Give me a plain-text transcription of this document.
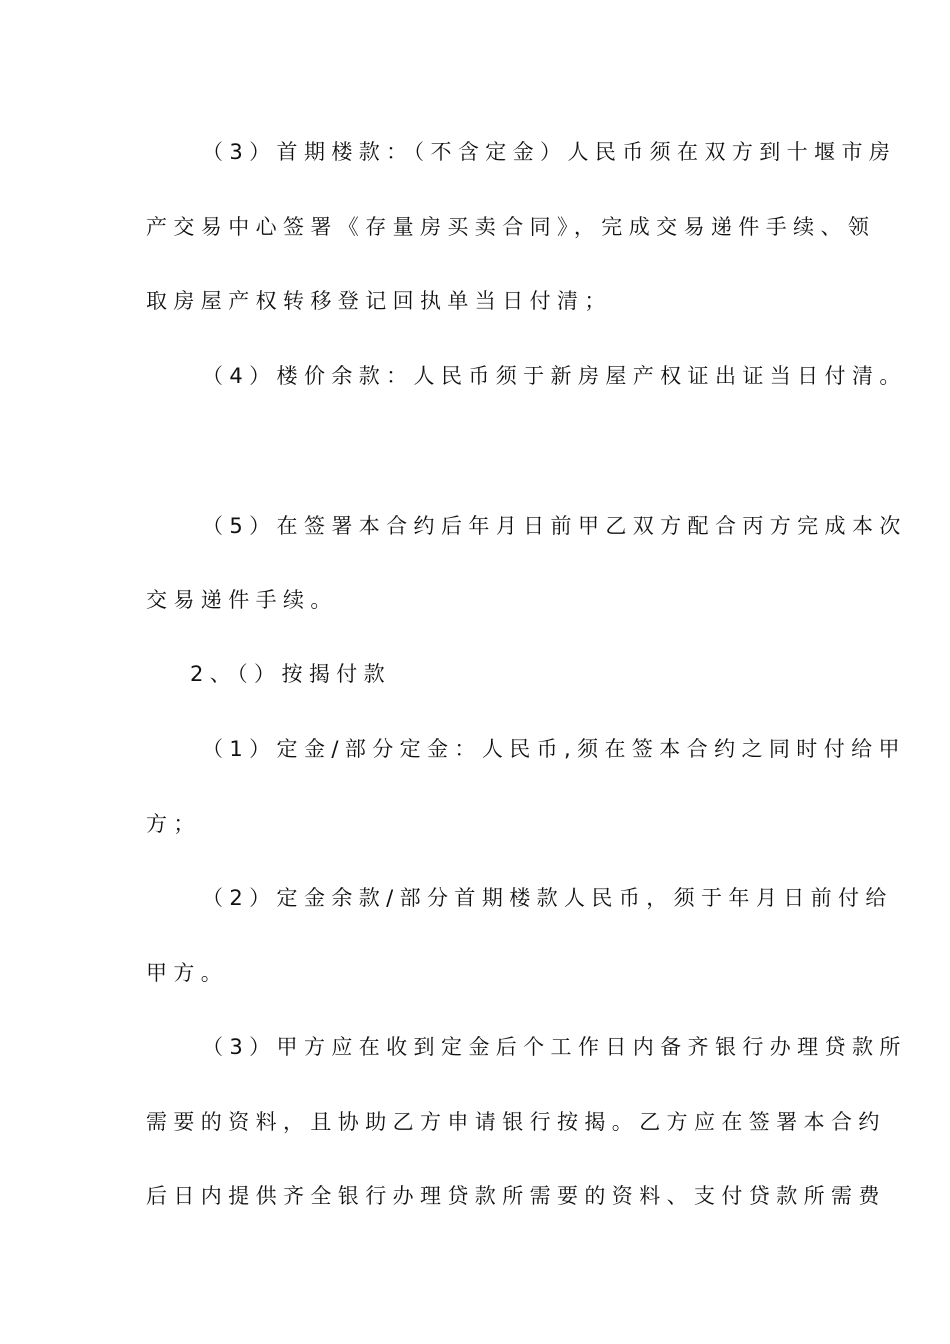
（3）首期楼款：（不含定金）人民币须在双方到十堰市房
产交易中心签署《存量房买卖合同》，完成交易递件手续、领
取房屋产权转移登记回执单当日付清；
（4）楼价余款：人民币须于新房屋产权证出证当日付清。
（5）在签署本合约后年月日前甲乙双方配合丙方完成本次
交易递件手续。
2、（）按揭付款
（1）定金/部分定金：人民币,须在签本合约之同时付给甲
方；
（2）定金余款/部分首期楼款人民币，须于年月日前付给
甲方。
（3）甲方应在收到定金后个工作日内备齐银行办理贷款所
需要的资料，且协助乙方申请银行按揭。乙方应在签署本合约
后日内提供齐全银行办理贷款所需要的资料、支付贷款所需费
